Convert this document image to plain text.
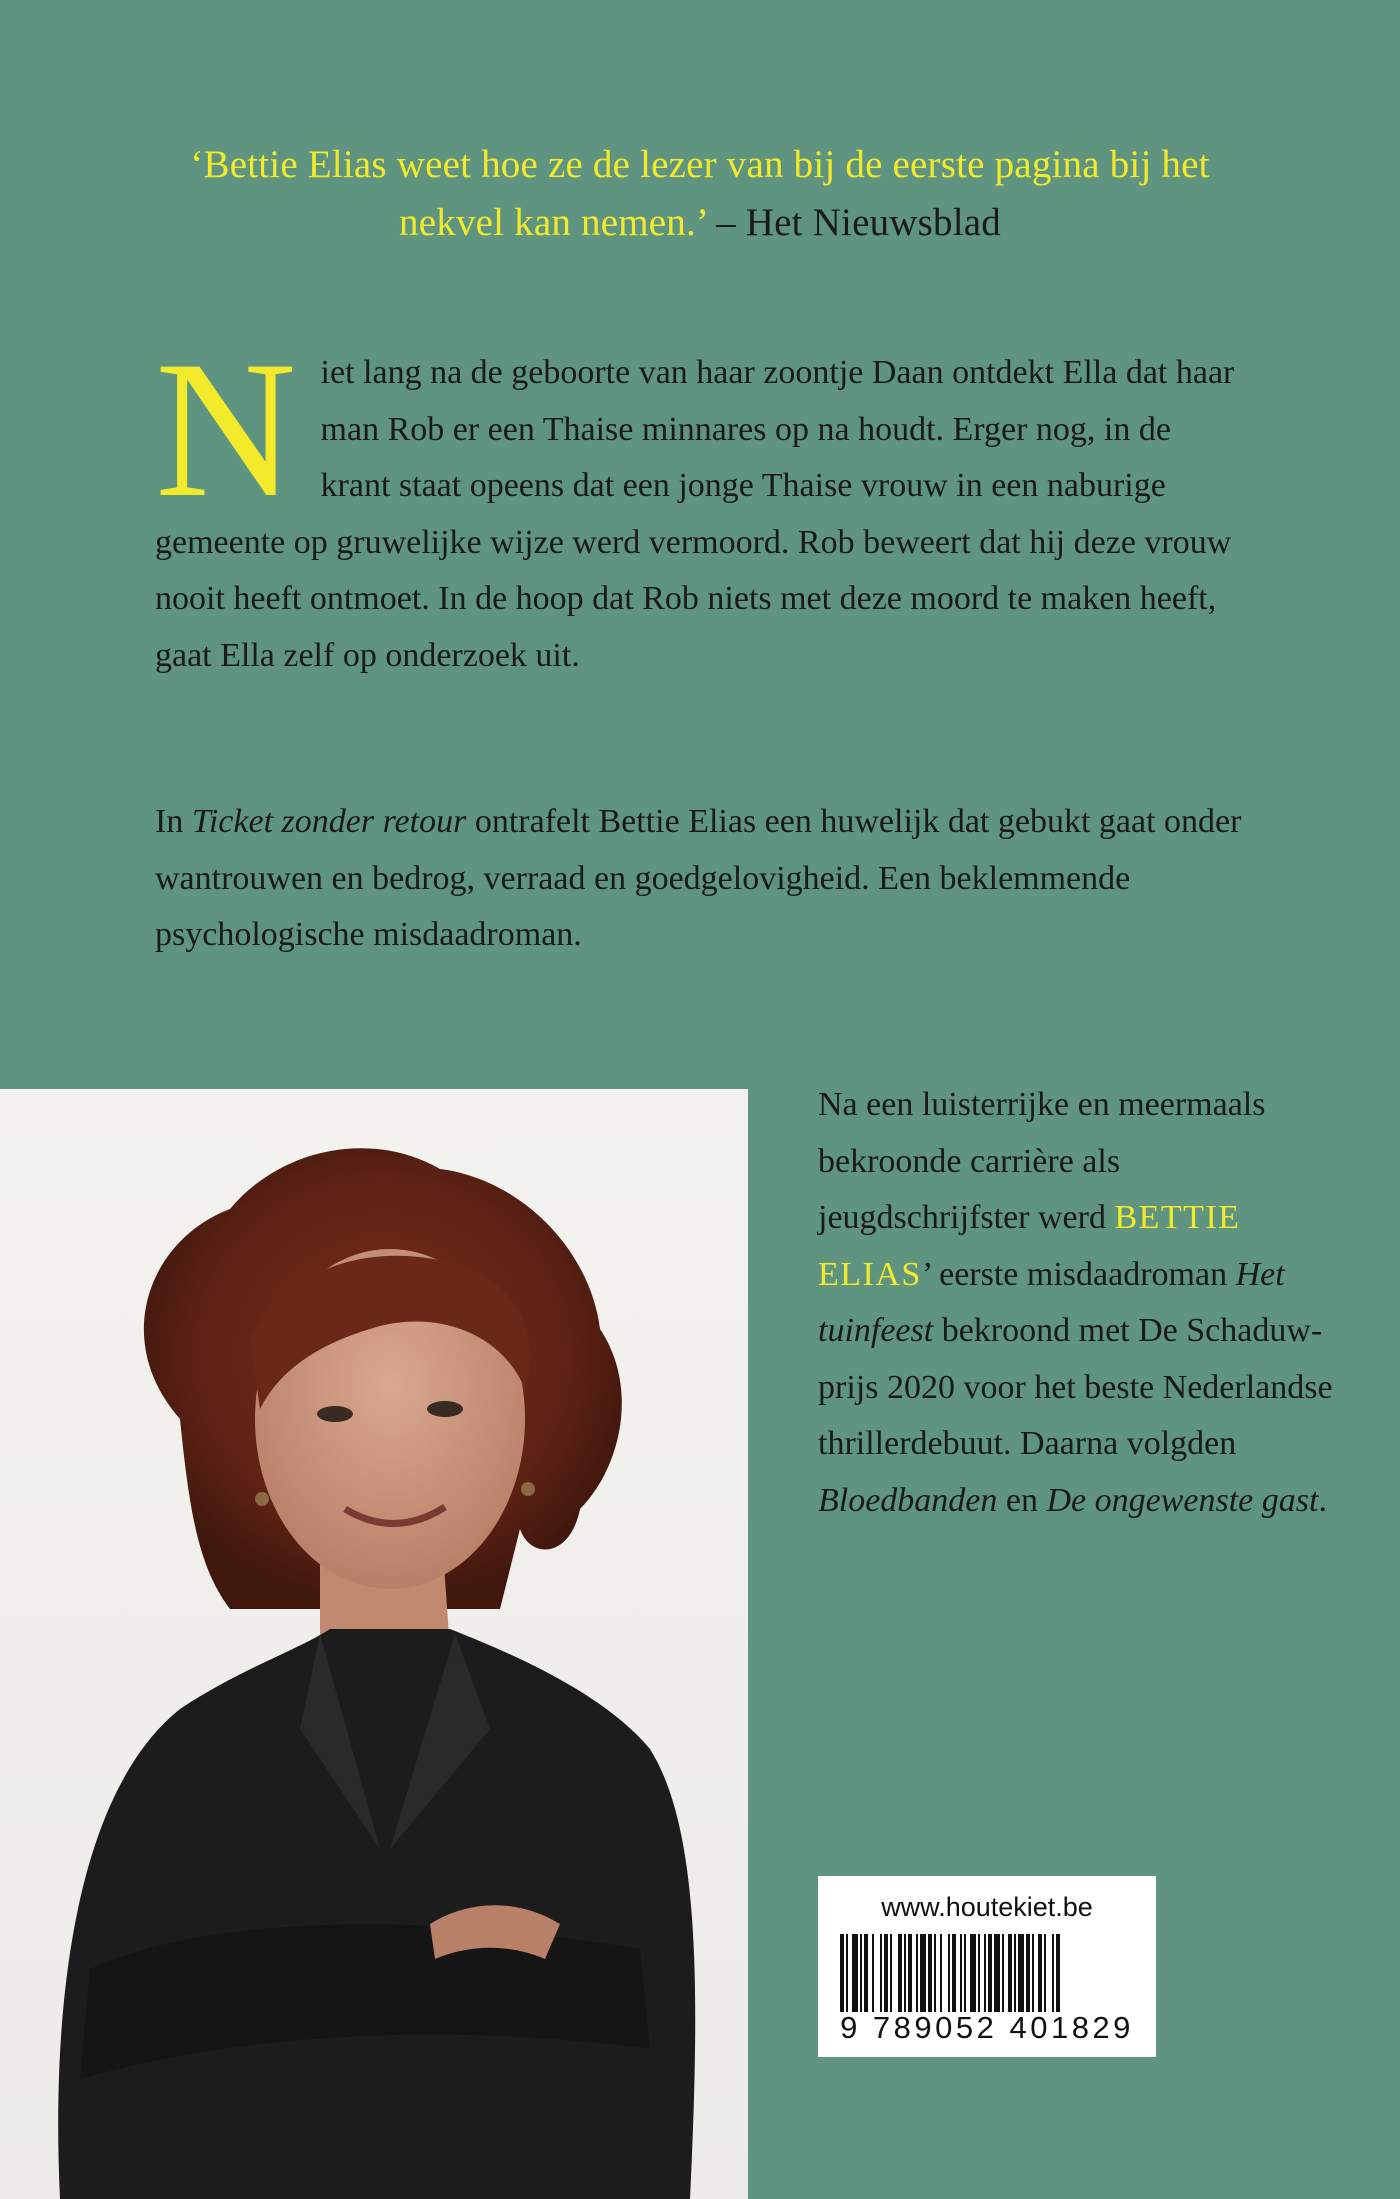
‘Bettie Elias weet hoe ze de lezer van bij de eerste pagina bij het nekvel kan nemen.’ – Het Nieuwsblad
N iet lang na de geboorte van haar zoontje Daan ontdekt Ella dat haar man Rob er een Thaise minnares op na houdt. Erger nog, in de krant staat opeens dat een jonge Thaise vrouw in een naburige gemeente op gruwelijke wijze werd vermoord. Rob beweert dat hij deze vrouw nooit heeft ontmoet. In de hoop dat Rob niets met deze moord te maken heeft, gaat Ella zelf op onderzoek uit.

In Ticket zonder retour ontrafelt Bettie Elias een huwelijk dat gebukt gaat onder wantrouwen en bedrog, verraad en goedgelovigheid. Een beklemmende psychologische misdaadroman.

Na een luisterrijke en meermaals bekroonde carrière als jeugdschrijfster werd BETTIE ELIAS’ eerste misdaadroman Het tuinfeest bekroond met De Schaduwprijs 2020 voor het beste Nederlandse thrillerdebuut. Daarna volgden Bloedbanden en De ongewenste gast.
www.houtekiet.be
9 789052 401829
